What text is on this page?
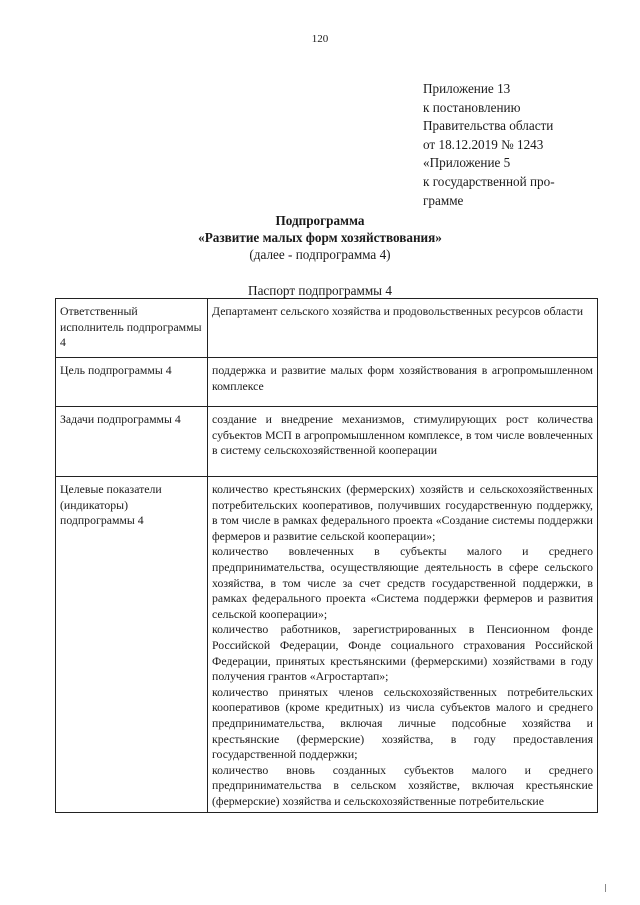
120
Приложение 13
к постановлению
Правительства области
от 18.12.2019 № 1243
«Приложение 5
к государственной про-
грамме
Подпрограмма
«Развитие малых форм хозяйствования»
(далее - подпрограмма 4)
Паспорт подпрограммы 4
Ответственный исполнитель подпрограммы 4	Департамент сельского хозяйства и продовольственных ресурсов области
Цель подпрограммы 4	поддержка и развитие малых форм хозяйствования в агропромышленном комплексе
Задачи подпрограммы 4	создание и внедрение механизмов, стимулирующих рост количества субъектов МСП в агропромышленном комплексе, в том числе вовлеченных в систему сельскохозяйственной кооперации
Целевые показатели (индикаторы) подпрограммы 4	количество крестьянских (фермерских) хозяйств и сельскохозяйственных потребительских кооперативов, получивших государственную поддержку, в том числе в рамках федерального проекта «Создание системы поддержки фермеров и развитие сельской кооперации»;
количество вовлеченных в субъекты малого и среднего предпринимательства, осуществляющие деятельность в сфере сельского хозяйства, в том числе за счет средств государственной поддержки, в рамках федерального проекта «Система поддержки фермеров и развития сельской кооперации»;
количество работников, зарегистрированных в Пенсионном фонде Российской Федерации, Фонде социального страхования Российской Федерации, принятых крестьянскими (фермерскими) хозяйствами в году получения грантов «Агростартап»;
количество принятых членов сельскохозяйственных потребительских кооперативов (кроме кредитных) из числа субъектов малого и среднего предпринимательства, включая личные подсобные хозяйства и крестьянские (фермерские) хозяйства, в году предоставления государственной поддержки;
количество вновь созданных субъектов малого и среднего предпринимательства в сельском хозяйстве, включая крестьянские (фермерские) хозяйства и сельскохозяйственные потребительские
